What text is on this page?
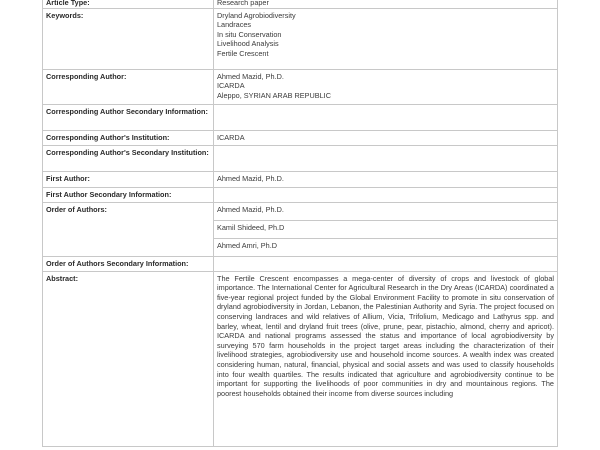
Article Type:	Research paper
Keywords:	Dryland Agrobiodiversity
Landraces
In situ Conservation
Livelihood Analysis
Fertile Crescent

Corresponding Author:	Ahmed Mazid, Ph.D.
ICARDA
Aleppo, SYRIAN ARAB REPUBLIC

Corresponding Author Secondary Information:	
Corresponding Author's Institution:	ICARDA
Corresponding Author's Secondary Institution:	
First Author:	Ahmed Mazid, Ph.D.
First Author Secondary Information:	
Order of Authors:	Ahmed Mazid, Ph.D.
Kamil Shideed, Ph.D
Ahmed Amri, Ph.D

Order of Authors Secondary Information:	
Abstract:	The Fertile Crescent encompasses a mega-center of diversity of crops and livestock of global importance. The International Center for Agricultural Research in the Dry Areas (ICARDA) coordinated a five-year regional project funded by the Global Environment Facility to promote in situ conservation of dryland agrobiodiversity in Jordan, Lebanon, the Palestinian Authority and Syria. The project focused on conserving landraces and wild relatives of Allium, Vicia, Trifolium, Medicago and Lathyrus spp. and barley, wheat, lentil and dryland fruit trees (olive, prune, pear, pistachio, almond, cherry and apricot). ICARDA and national programs assessed the status and importance of local agrobiodiversity by surveying 570 farm households in the project target areas including the characterization of their livelihood strategies, agrobiodiversity use and household income sources. A wealth index was created considering human, natural, financial, physical and social assets and was used to classify households into four wealth quartiles. The results indicated that agriculture and agrobiodiversity continue to be important for supporting the livelihoods of poor communities in dry and mountainous regions. The poorest households obtained their income from diverse sources including
